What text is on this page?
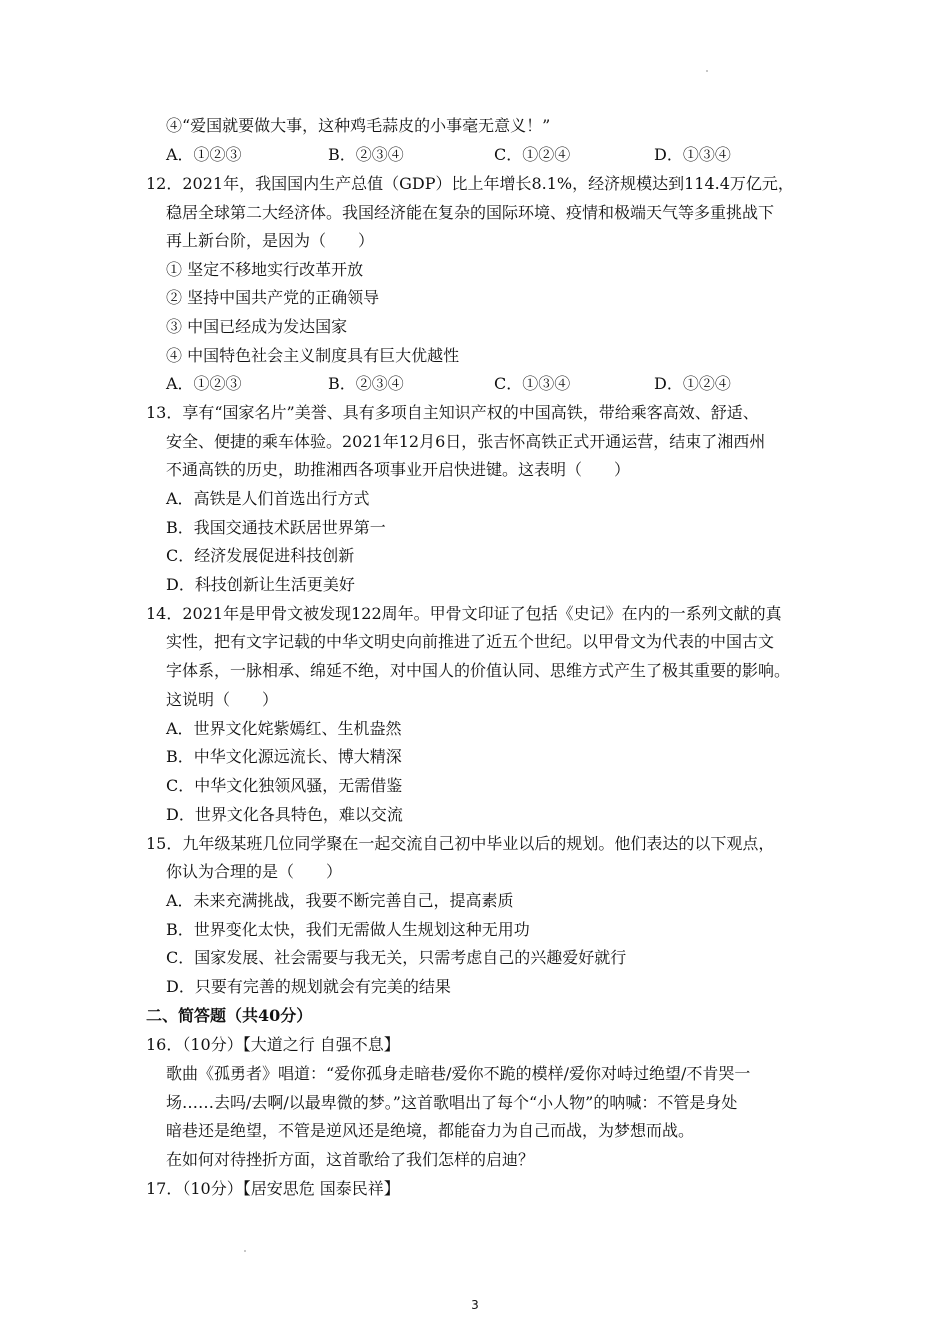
④“爱国就要做大事，这种鸡毛蒜皮的小事毫无意义！”
A．①②③	B．②③④	C．①②④	D．①③④
12．2021年，我国国内生产总值（GDP）比上年增长8.1%，经济规模达到114.4万亿元，
稳居全球第二大经济体。我国经济能在复杂的国际环境、疫情和极端天气等多重挑战下
再上新台阶，是因为（　　）
① 坚定不移地实行改革开放
② 坚持中国共产党的正确领导
③ 中国已经成为发达国家
④ 中国特色社会主义制度具有巨大优越性
A．①②③	B．②③④	C．①③④	D．①②④
13．享有“国家名片”美誉、具有多项自主知识产权的中国高铁，带给乘客高效、舒适、
安全、便捷的乘车体验。2021年12月6日，张吉怀高铁正式开通运营，结束了湘西州
不通高铁的历史，助推湘西各项事业开启快进键。这表明（　　）
A．高铁是人们首选出行方式
B．我国交通技术跃居世界第一
C．经济发展促进科技创新
D．科技创新让生活更美好
14．2021年是甲骨文被发现122周年。甲骨文印证了包括《史记》在内的一系列文献的真
实性，把有文字记载的中华文明史向前推进了近五个世纪。以甲骨文为代表的中国古文
字体系，一脉相承、绵延不绝，对中国人的价值认同、思维方式产生了极其重要的影响。
这说明（　　）
A．世界文化姹紫嫣红、生机盎然
B．中华文化源远流长、博大精深
C．中华文化独领风骚，无需借鉴
D．世界文化各具特色，难以交流
15．九年级某班几位同学聚在一起交流自己初中毕业以后的规划。他们表达的以下观点，
你认为合理的是（　　）
A．未来充满挑战，我要不断完善自己，提高素质
B．世界变化太快，我们无需做人生规划这种无用功
C．国家发展、社会需要与我无关，只需考虑自己的兴趣爱好就行
D．只要有完善的规划就会有完美的结果
二、简答题（共40分）
16．（10分）【大道之行 自强不息】
歌曲《孤勇者》唱道：“爱你孤身走暗巷/爱你不跪的模样/爱你对峙过绝望/不肯哭一
场……去吗/去啊/以最卑微的梦。”这首歌唱出了每个“小人物”的呐喊：不管是身处
暗巷还是绝望，不管是逆风还是绝境，都能奋力为自己而战，为梦想而战。
在如何对待挫折方面，这首歌给了我们怎样的启迪？
17．（10分）【居安思危 国泰民祥】
3
